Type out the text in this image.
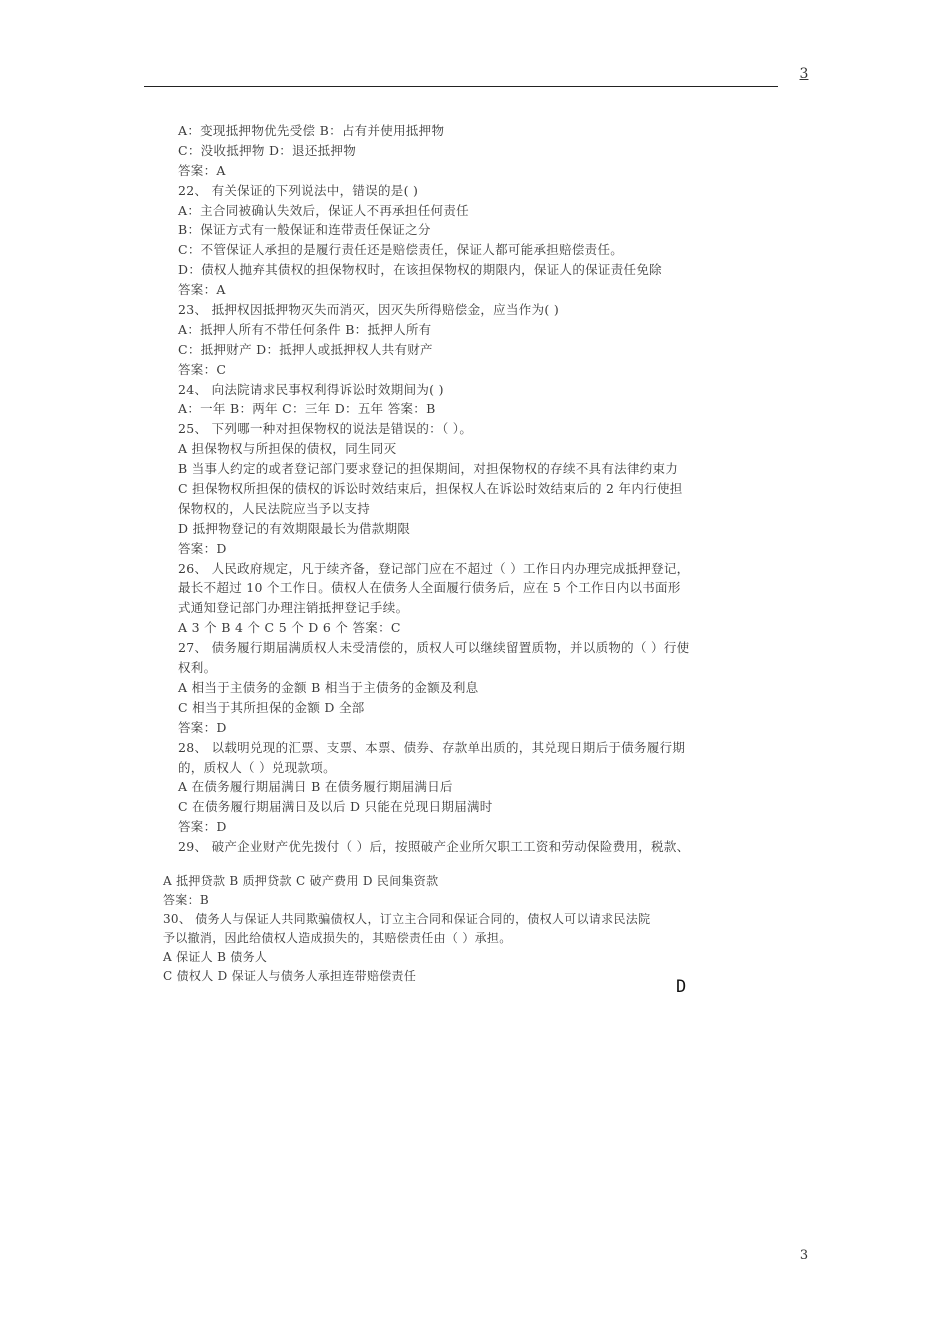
3
A：变现抵押物优先受偿 B：占有并使用抵押物
C：没收抵押物 D：退还抵押物
答案：A
22、 有关保证的下列说法中，错误的是( )
A：主合同被确认失效后，保证人不再承担任何责任
B：保证方式有一般保证和连带责任保证之分
C：不管保证人承担的是履行责任还是赔偿责任，保证人都可能承担赔偿责任。
D：债权人抛弃其债权的担保物权时，在该担保物权的期限内，保证人的保证责任免除
答案：A
23、 抵押权因抵押物灭失而消灭，因灭失所得赔偿金，应当作为( )
A：抵押人所有不带任何条件 B：抵押人所有
C：抵押财产 D：抵押人或抵押权人共有财产
答案：C
24、 向法院请求民事权利得诉讼时效期间为( )
A：一年 B：两年 C：三年 D：五年 答案：B
25、 下列哪一种对担保物权的说法是错误的：（ ）。
A 担保物权与所担保的债权，同生同灭
B 当事人约定的或者登记部门要求登记的担保期间，对担保物权的存续不具有法律约束力
C 担保物权所担保的债权的诉讼时效结束后，担保权人在诉讼时效结束后的 2 年内行使担
保物权的，人民法院应当予以支持
D 抵押物登记的有效期限最长为借款期限
答案：D
26、 人民政府规定，凡于续齐备，登记部门应在不超过（ ）工作日内办理完成抵押登记，
最长不超过 10 个工作日。债权人在债务人全面履行债务后，应在 5 个工作日内以书面形
式通知登记部门办理注销抵押登记手续。
A 3 个 B 4 个 C 5 个 D 6 个 答案：C
27、 债务履行期届满质权人未受清偿的，质权人可以继续留置质物，并以质物的（ ）行使
权利。
A 相当于主债务的金额 B 相当于主债务的金额及利息
C 相当于其所担保的金额 D 全部
答案：D
28、 以载明兑现的汇票、支票、本票、债券、存款单出质的，其兑现日期后于债务履行期
的，质权人（ ）兑现款项。
A 在债务履行期届满日 B 在债务履行期届满日后
C 在债务履行期届满日及以后 D 只能在兑现日期届满时
答案：D
29、 破产企业财产优先拨付（ ）后，按照破产企业所欠职工工资和劳动保险费用，税款、
A 抵押贷款 B 质押贷款 C 破产费用 D 民间集资款
答案：B
30、 债务人与保证人共同欺骗债权人，订立主合同和保证合同的，债权人可以请求民法院
予以撤消，因此给债权人造成损失的，其赔偿责任由（ ）承担。
A 保证人 B 债务人
C 债权人 D 保证人与债务人承担连带赔偿责任
D
3
